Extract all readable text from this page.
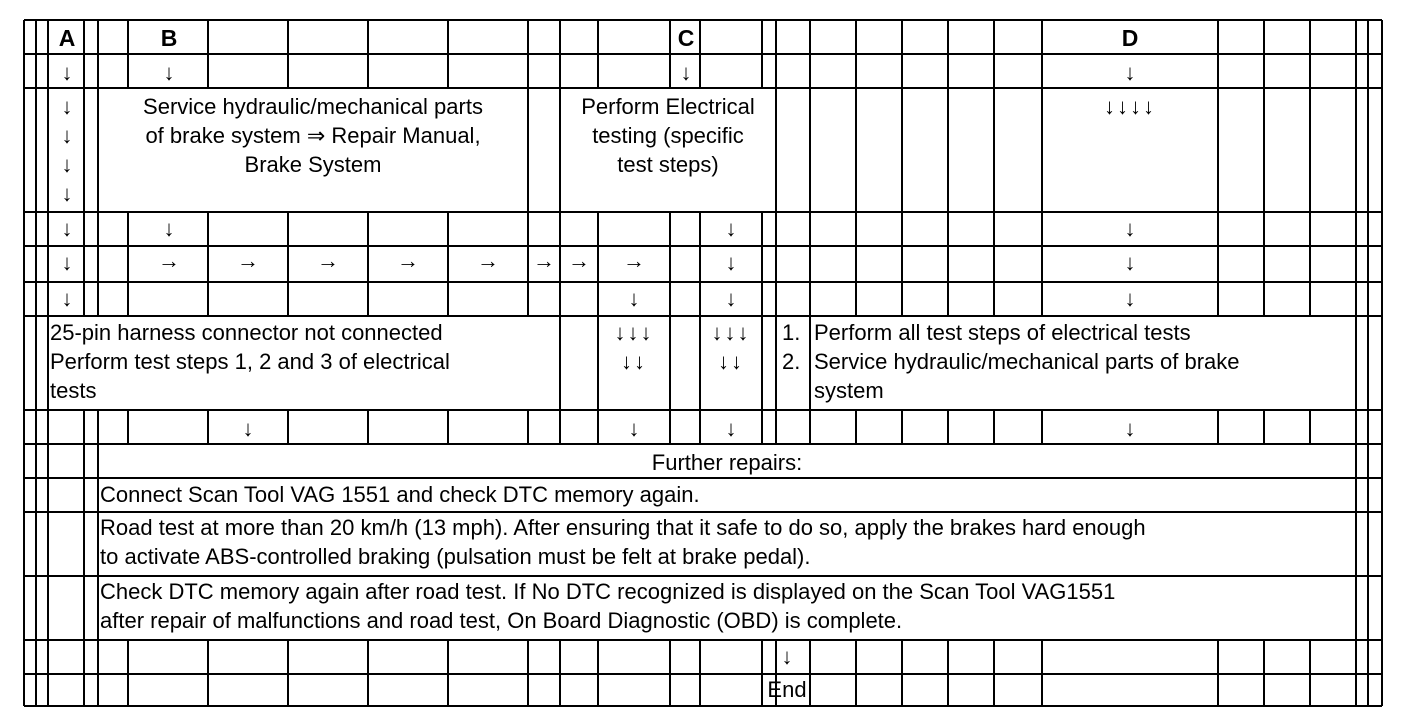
A	B	C	D
↓	↓	↓	↓
↓
↓
↓
↓
Service hydraulic/mechanical parts
of brake system ⇒ Repair Manual,
Brake System
Perform Electrical
testing (specific
test steps)
↓↓↓↓
↓	↓	↓	↓
↓	→	→	→	→	→	→ →	→	↓	↓
↓	↓	↓	↓
25-pin harness connector not connected
Perform test steps 1, 2 and 3 of electrical
tests
↓↓↓
↓↓
↓↓↓
↓↓
1. Perform all test steps of electrical tests
2. Service hydraulic/mechanical parts of brake
system
↓	↓	↓	↓
Further repairs:
Connect Scan Tool VAG 1551 and check DTC memory again.
Road test at more than 20 km/h (13 mph). After ensuring that it safe to do so, apply the brakes hard enough
to activate ABS-controlled braking (pulsation must be felt at brake pedal).
Check DTC memory again after road test. If No DTC recognized is displayed on the Scan Tool VAG1551
after repair of malfunctions and road test, On Board Diagnostic (OBD) is complete.
↓
End
